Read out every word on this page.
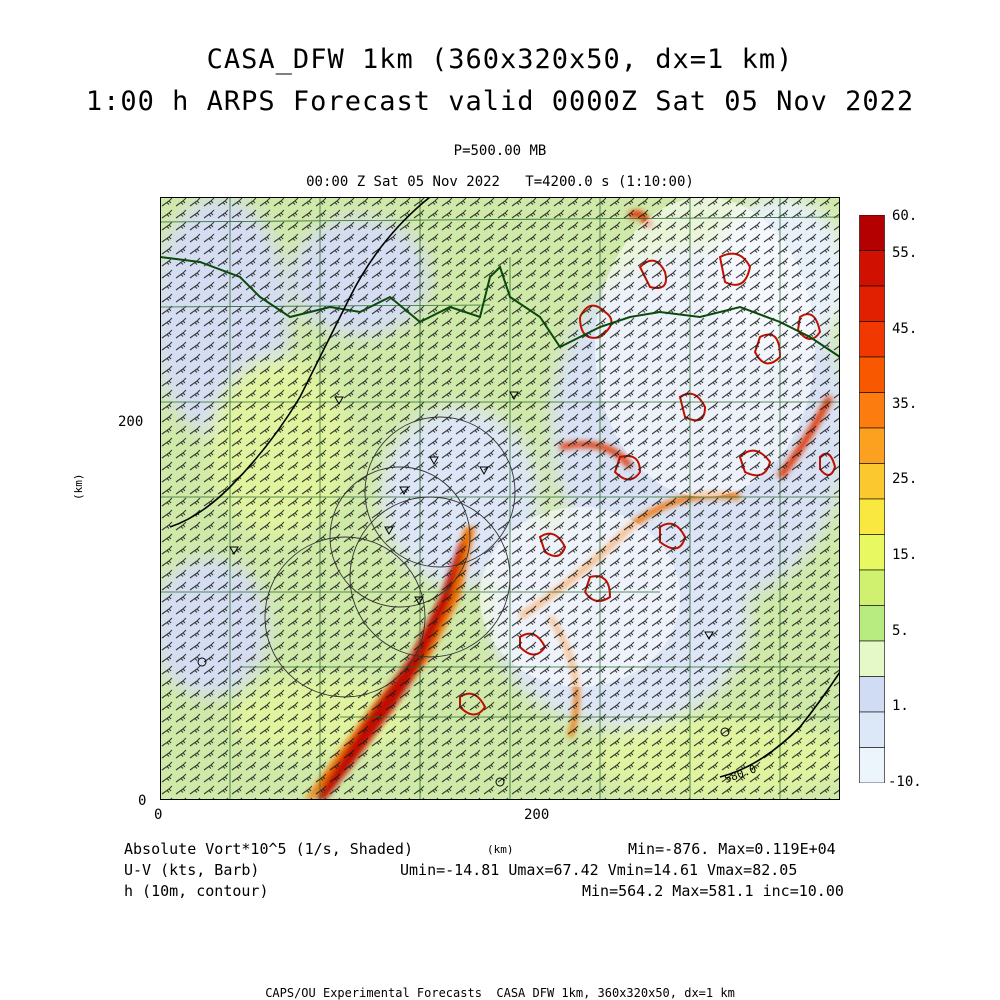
CASA_DFW 1km (360x320x50, dx=1 km)
1:00 h ARPS Forecast valid 0000Z Sat 05 Nov 2022
P=500.00 MB
00:00 Z Sat 05 Nov 2022   T=4200.0 s (1:10:00)
580.0
200
0
0	200
(km)
60.
55.
45.
35.
25.
15.
5.
1.
-10.
Absolute Vort*10^5 (1/s, Shaded)	(km)	Min=-876. Max=0.119E+04
U-V (kts, Barb)	Umin=-14.81 Umax=67.42 Vmin=14.61 Vmax=82.05
h (10m, contour)	Min=564.2 Max=581.1 inc=10.00
CAPS/OU Experimental Forecasts  CASA DFW 1km, 360x320x50, dx=1 km
